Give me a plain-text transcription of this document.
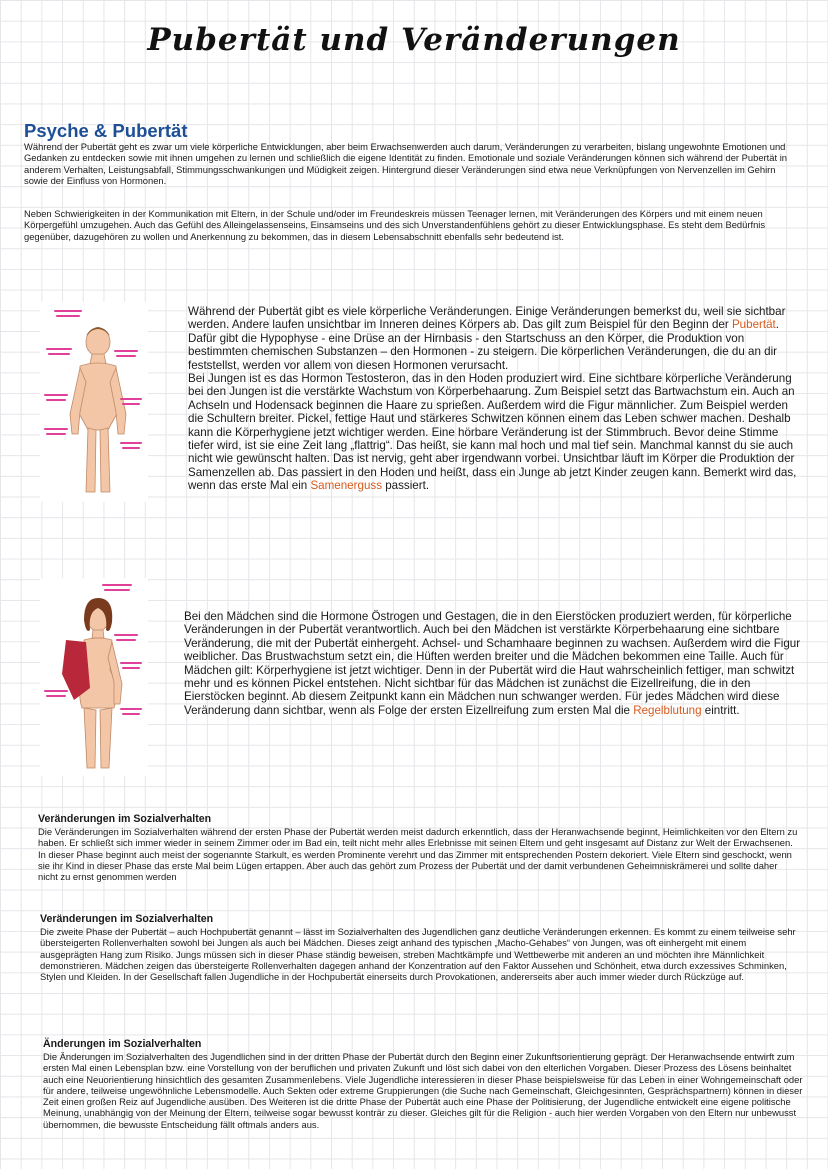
Pubertät und Veränderungen
Psyche & Pubertät

Während der Pubertät geht es zwar um viele körperliche Entwicklungen, aber beim Erwachsenwerden auch darum, Veränderungen zu verarbeiten, bislang ungewohnte Emotionen und Gedanken zu entdecken sowie mit ihnen umgehen zu lernen und schließlich die eigene Identität zu finden. Emotionale und soziale Veränderungen können sich während der Pubertät in anderem Verhalten, Leistungsabfall, Stimmungsschwankungen und Müdigkeit zeigen. Hintergrund dieser Veränderungen sind etwa neue Verknüpfungen von Nervenzellen im Gehirn sowie der Einfluss von Hormonen.

Neben Schwierigkeiten in der Kommunikation mit Eltern, in der Schule und/oder im Freundeskreis müssen Teenager lernen, mit Veränderungen des Körpers und mit einem neuen Körpergefühl umzugehen. Auch das Gefühl des Alleingelassenseins, Einsamseins und des sich Unverstandenfühlens gehört zu dieser Entwicklungsphase. Es steht dem Bedürfnis gegenüber, dazugehören zu wollen und Anerkennung zu bekommen, das in diesem Lebensabschnitt ebenfalls sehr bedeutend ist.

Während der Pubertät gibt es viele körperliche Veränderungen. Einige Veränderungen bemerkst du, weil sie sichtbar werden. Andere laufen unsichtbar im Inneren deines Körpers ab. Das gilt zum Beispiel für den Beginn der Pubertät. Dafür gibt die Hypophyse - eine Drüse an der Hirnbasis - den Startschuss an den Körper, die Produktion von bestimmten chemischen Substanzen – den Hormonen - zu steigern. Die körperlichen Veränderungen, die du an dir feststellst, werden vor allem von diesen Hormonen verursacht.
Bei Jungen ist es das Hormon Testosteron, das in den Hoden produziert wird. Eine sichtbare körperliche Veränderung bei den Jungen ist die verstärkte Wachstum von Körperbehaarung. Zum Beispiel setzt das Bartwachstum ein. Auch an Achseln und Hodensack beginnen die Haare zu sprießen. Außerdem wird die Figur männlicher. Zum Beispiel werden die Schultern breiter. Pickel, fettige Haut und stärkeres Schwitzen können einem das Leben schwer machen. Deshalb kann die Körperhygiene jetzt wichtiger werden. Eine hörbare Veränderung ist der Stimmbruch. Bevor deine Stimme tiefer wird, ist sie eine Zeit lang „flattrig“. Das heißt, sie kann mal hoch und mal tief sein. Manchmal kannst du sie auch nicht wie gewünscht halten. Das ist nervig, geht aber irgendwann vorbei. Unsichtbar läuft im Körper die Produktion der Samenzellen ab. Das passiert in den Hoden und heißt, dass ein Junge ab jetzt Kinder zeugen kann. Bemerkt wird das, wenn das erste Mal ein Samenerguss passiert.

Bei den Mädchen sind die Hormone Östrogen und Gestagen, die in den Eierstöcken produziert werden, für körperliche Veränderungen in der Pubertät verantwortlich. Auch bei den Mädchen ist verstärkte Körperbehaarung eine sichtbare Veränderung, die mit der Pubertät einhergeht. Achsel- und Schamhaare beginnen zu wachsen. Außerdem wird die Figur weiblicher. Das Brustwachstum setzt ein, die Hüften werden breiter und die Mädchen bekommen eine Taille. Auch für Mädchen gilt: Körperhygiene ist jetzt wichtiger. Denn in der Pubertät wird die Haut wahrscheinlich fettiger, man schwitzt mehr und es können Pickel entstehen. Nicht sichtbar für das Mädchen ist zunächst die Eizellreifung, die in den Eierstöcken beginnt. Ab diesem Zeitpunkt kann ein Mädchen nun schwanger werden. Für jedes Mädchen wird diese Veränderung dann sichtbar, wenn als Folge der ersten Eizellreifung zum ersten Mal die Regelblutung eintritt.

Veränderungen im Sozialverhalten

Die Veränderungen im Sozialverhalten während der ersten Phase der Pubertät werden meist dadurch erkenntlich, dass der Heranwachsende beginnt, Heimlichkeiten vor den Eltern zu haben. Er schließt sich immer wieder in seinem Zimmer oder im Bad ein, teilt nicht mehr alles Erlebnisse mit seinen Eltern und geht insgesamt auf Distanz zur Welt der Erwachsenen. In dieser Phase beginnt auch meist der sogenannte Starkult, es werden Prominente verehrt und das Zimmer mit entsprechenden Postern dekoriert. Viele Eltern sind geschockt, wenn sie ihr Kind in dieser Phase das erste Mal beim Lügen ertappen. Aber auch das gehört zum Prozess der Pubertät und der damit verbundenen Geheimniskrämerei und sollte daher nicht zu ernst genommen werden

Veränderungen im Sozialverhalten

Die zweite Phase der Pubertät – auch Hochpubertät genannt – lässt im Sozialverhalten des Jugendlichen ganz deutliche Veränderungen erkennen. Es kommt zu einem teilweise sehr übersteigerten Rollenverhalten sowohl bei Jungen als auch bei Mädchen. Dieses zeigt anhand des typischen „Macho-Gehabes“ von Jungen, was oft einhergeht mit einem ausgeprägten Hang zum Risiko. Jungs müssen sich in dieser Phase ständig beweisen, streben Machtkämpfe und Wettbewerbe mit anderen an und möchten ihre Männlichkeit demonstrieren. Mädchen zeigen das übersteigerte Rollenverhalten dagegen anhand der Konzentration auf den Faktor Aussehen und Schönheit, etwa durch exzessives Schminken, Stylen und Kleiden. In der Gesellschaft fallen Jugendliche in der Hochpubertät einerseits durch Provokationen, andererseits aber auch immer wieder durch Rückzüge auf.

Änderungen im Sozialverhalten

Die Änderungen im Sozialverhalten des Jugendlichen sind in der dritten Phase der Pubertät durch den Beginn einer Zukunftsorientierung geprägt. Der Heranwachsende entwirft zum ersten Mal einen Lebensplan bzw. eine Vorstellung von der beruflichen und privaten Zukunft und löst sich dabei von den elterlichen Vorgaben. Dieser Prozess des Lösens beinhaltet auch eine Neuorientierung hinsichtlich des gesamten Zusammenlebens. Viele Jugendliche interessieren in dieser Phase beispielsweise für das Leben in einer Wohngemeinschaft oder für andere, teilweise ungewöhnliche Lebensmodelle. Auch Sekten oder extreme Gruppierungen (die Suche nach Gemeinschaft, Gleichgesinnten, Gesprächspartnern) können in dieser Zeit einen großen Reiz auf Jugendliche ausüben. Des Weiteren ist die dritte Phase der Pubertät auch eine Phase der Politisierung, der Jugendliche entwickelt eine eigene politische Meinung, unabhängig von der Meinung der Eltern, teilweise sogar bewusst konträr zu dieser. Gleiches gilt für die Religion - auch hier werden Vorgaben von den Eltern nur unbewusst übernommen, die bewusste Entscheidung fällt oftmals anders aus.
